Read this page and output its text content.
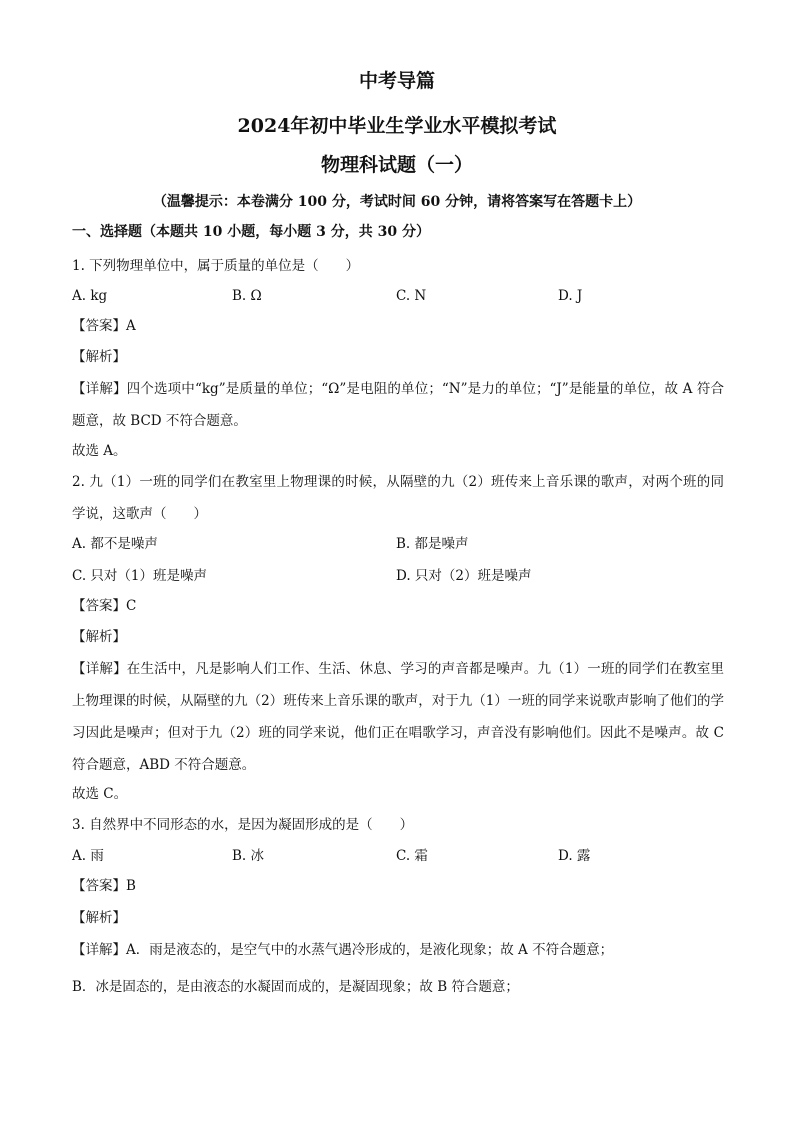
中考导篇
2024年初中毕业生学业水平模拟考试
物理科试题（一）
（温馨提示：本卷满分 100 分，考试时间 60 分钟，请将答案写在答题卡上）
一、选择题（本题共 10 小题，每小题 3 分，共 30 分）
1. 下列物理单位中，属于质量的单位是（　　）
A. kg	B. Ω	C. N	D. J
【答案】A
【解析】
【详解】四个选项中“kg”是质量的单位；“Ω”是电阻的单位；“N”是力的单位；“J”是能量的单位，故 A 符合题意，故 BCD 不符合题意。
故选 A。
2. 九（1）一班的同学们在教室里上物理课的时候，从隔壁的九（2）班传来上音乐课的歌声，对两个班的同学说，这歌声（　　）
A. 都不是噪声	B. 都是噪声
C. 只对（1）班是噪声	D. 只对（2）班是噪声
【答案】C
【解析】
【详解】在生活中，凡是影响人们工作、生活、休息、学习的声音都是噪声。九（1）一班的同学们在教室里上物理课的时候，从隔壁的九（2）班传来上音乐课的歌声，对于九（1）一班的同学来说歌声影响了他们的学习因此是噪声；但对于九（2）班的同学来说，他们正在唱歌学习，声音没有影响他们。因此不是噪声。故 C 符合题意，ABD 不符合题意。
故选 C。
3. 自然界中不同形态的水，是因为凝固形成的是（　　）
A. 雨	B. 冰	C. 霜	D. 露
【答案】B
【解析】
【详解】A．雨是液态的，是空气中的水蒸气遇冷形成的，是液化现象；故 A 不符合题意；
B．冰是固态的，是由液态的水凝固而成的，是凝固现象；故 B 符合题意；
